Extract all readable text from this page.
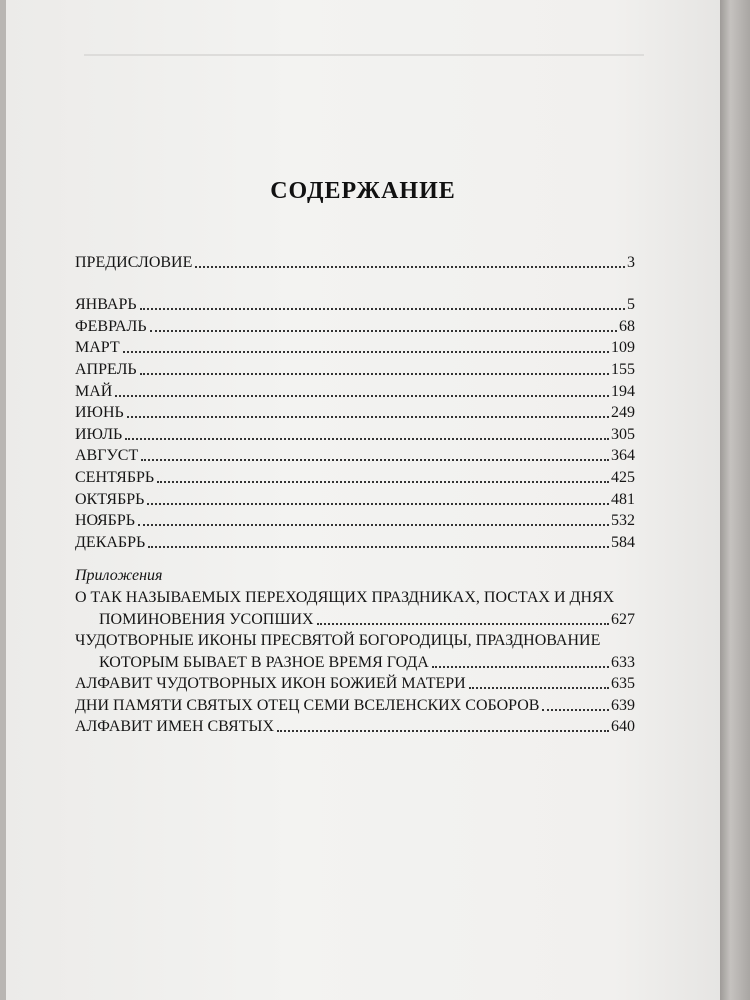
СОДЕРЖАНИЕ
ПРЕДИСЛОВИЕ	3
ЯНВАРЬ	5
ФЕВРАЛЬ	68
МАРТ	109
АПРЕЛЬ	155
МАЙ	194
ИЮНЬ	249
ИЮЛЬ	305
АВГУСТ	364
СЕНТЯБРЬ	425
ОКТЯБРЬ	481
НОЯБРЬ	532
ДЕКАБРЬ	584
Приложения
О ТАК НАЗЫВАЕМЫХ ПЕРЕХОДЯЩИХ ПРАЗДНИКАХ, ПОСТАХ И ДНЯХ
ПОМИНОВЕНИЯ УСОПШИХ	627
ЧУДОТВОРНЫЕ ИКОНЫ ПРЕСВЯТОЙ БОГОРОДИЦЫ, ПРАЗДНОВАНИЕ
КОТОРЫМ БЫВАЕТ В РАЗНОЕ ВРЕМЯ ГОДА	633
АЛФАВИТ ЧУДОТВОРНЫХ ИКОН БОЖИЕЙ МАТЕРИ	635
ДНИ ПАМЯТИ СВЯТЫХ ОТЕЦ СЕМИ ВСЕЛЕНСКИХ СОБОРОВ	639
АЛФАВИТ ИМЕН СВЯТЫХ	640
